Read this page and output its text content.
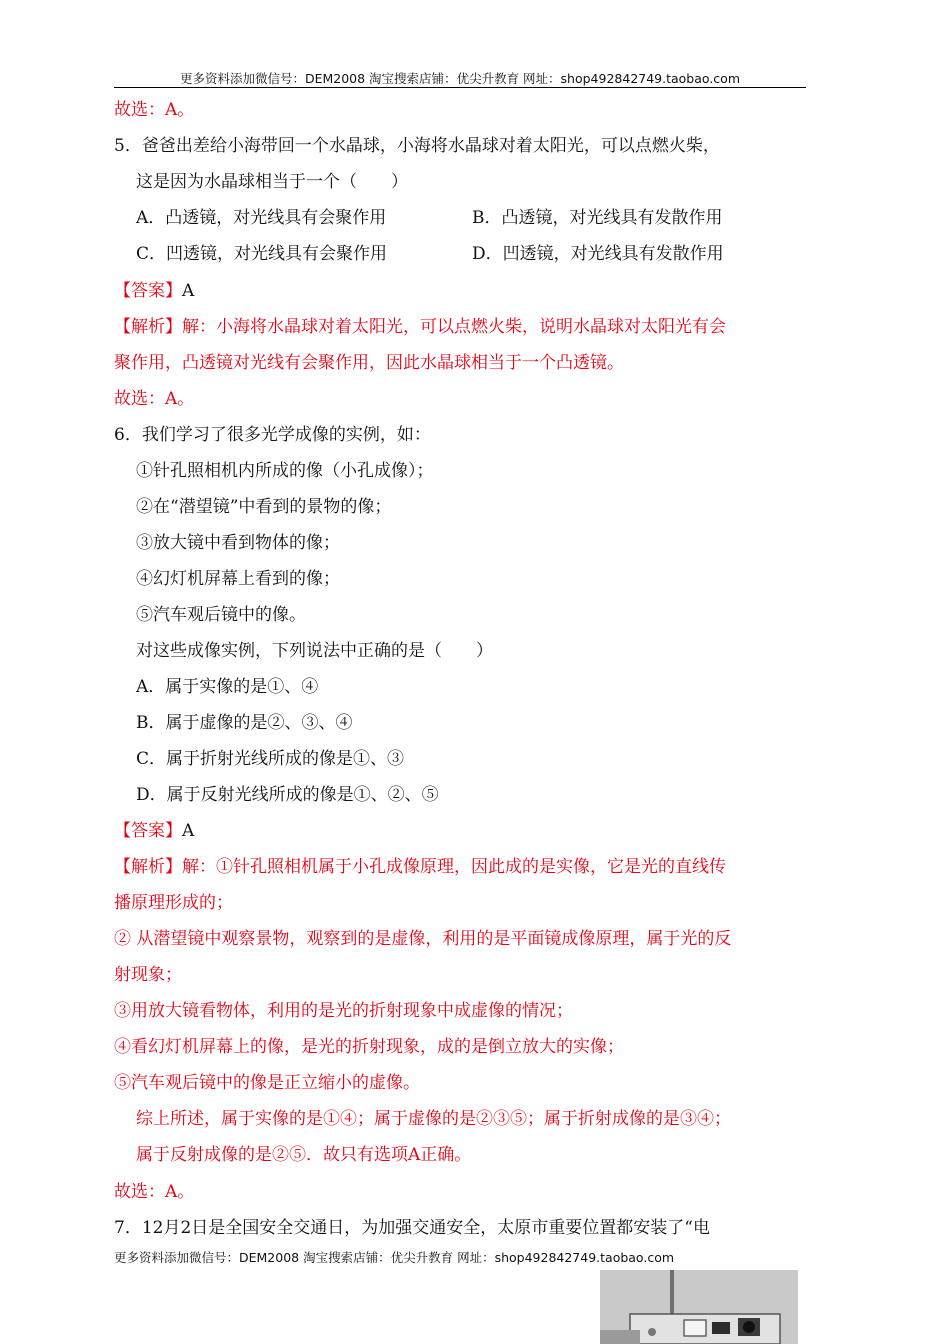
更多资料添加微信号：DEM2008 淘宝搜索店铺：优尖升教育 网址：shop492842749.taobao.com
故选：A。
5．爸爸出差给小海带回一个水晶球，小海将水晶球对着太阳光，可以点燃火柴，
这是因为水晶球相当于一个（　　）
A．凸透镜，对光线具有会聚作用	B．凸透镜，对光线具有发散作用
C．凹透镜，对光线具有会聚作用	D．凹透镜，对光线具有发散作用
【答案】A
【解析】解：小海将水晶球对着太阳光，可以点燃火柴，说明水晶球对太阳光有会
聚作用，凸透镜对光线有会聚作用，因此水晶球相当于一个凸透镜。
故选：A。
6．我们学习了很多光学成像的实例，如：
①针孔照相机内所成的像（小孔成像）；
②在“潜望镜”中看到的景物的像；
③放大镜中看到物体的像；
④幻灯机屏幕上看到的像；
⑤汽车观后镜中的像。
对这些成像实例，下列说法中正确的是（　　）
A．属于实像的是①、④
B．属于虚像的是②、③、④
C．属于折射光线所成的像是①、③
D．属于反射光线所成的像是①、②、⑤
【答案】A
【解析】解：①针孔照相机属于小孔成像原理，因此成的是实像，它是光的直线传
播原理形成的；
② 从潜望镜中观察景物，观察到的是虚像，利用的是平面镜成像原理，属于光的反
射现象；
③用放大镜看物体，利用的是光的折射现象中成虚像的情况；
④看幻灯机屏幕上的像，是光的折射现象，成的是倒立放大的实像；
⑤汽车观后镜中的像是正立缩小的虚像。
综上所述，属于实像的是①④；属于虚像的是②③⑤；属于折射成像的是③④；
属于反射成像的是②⑤．故只有选项A正确。
故选：A。
7．12月2日是全国安全交通日，为加强交通安全，太原市重要位置都安装了“电
更多资料添加微信号：DEM2008 淘宝搜索店铺：优尖升教育 网址：shop492842749.taobao.com
